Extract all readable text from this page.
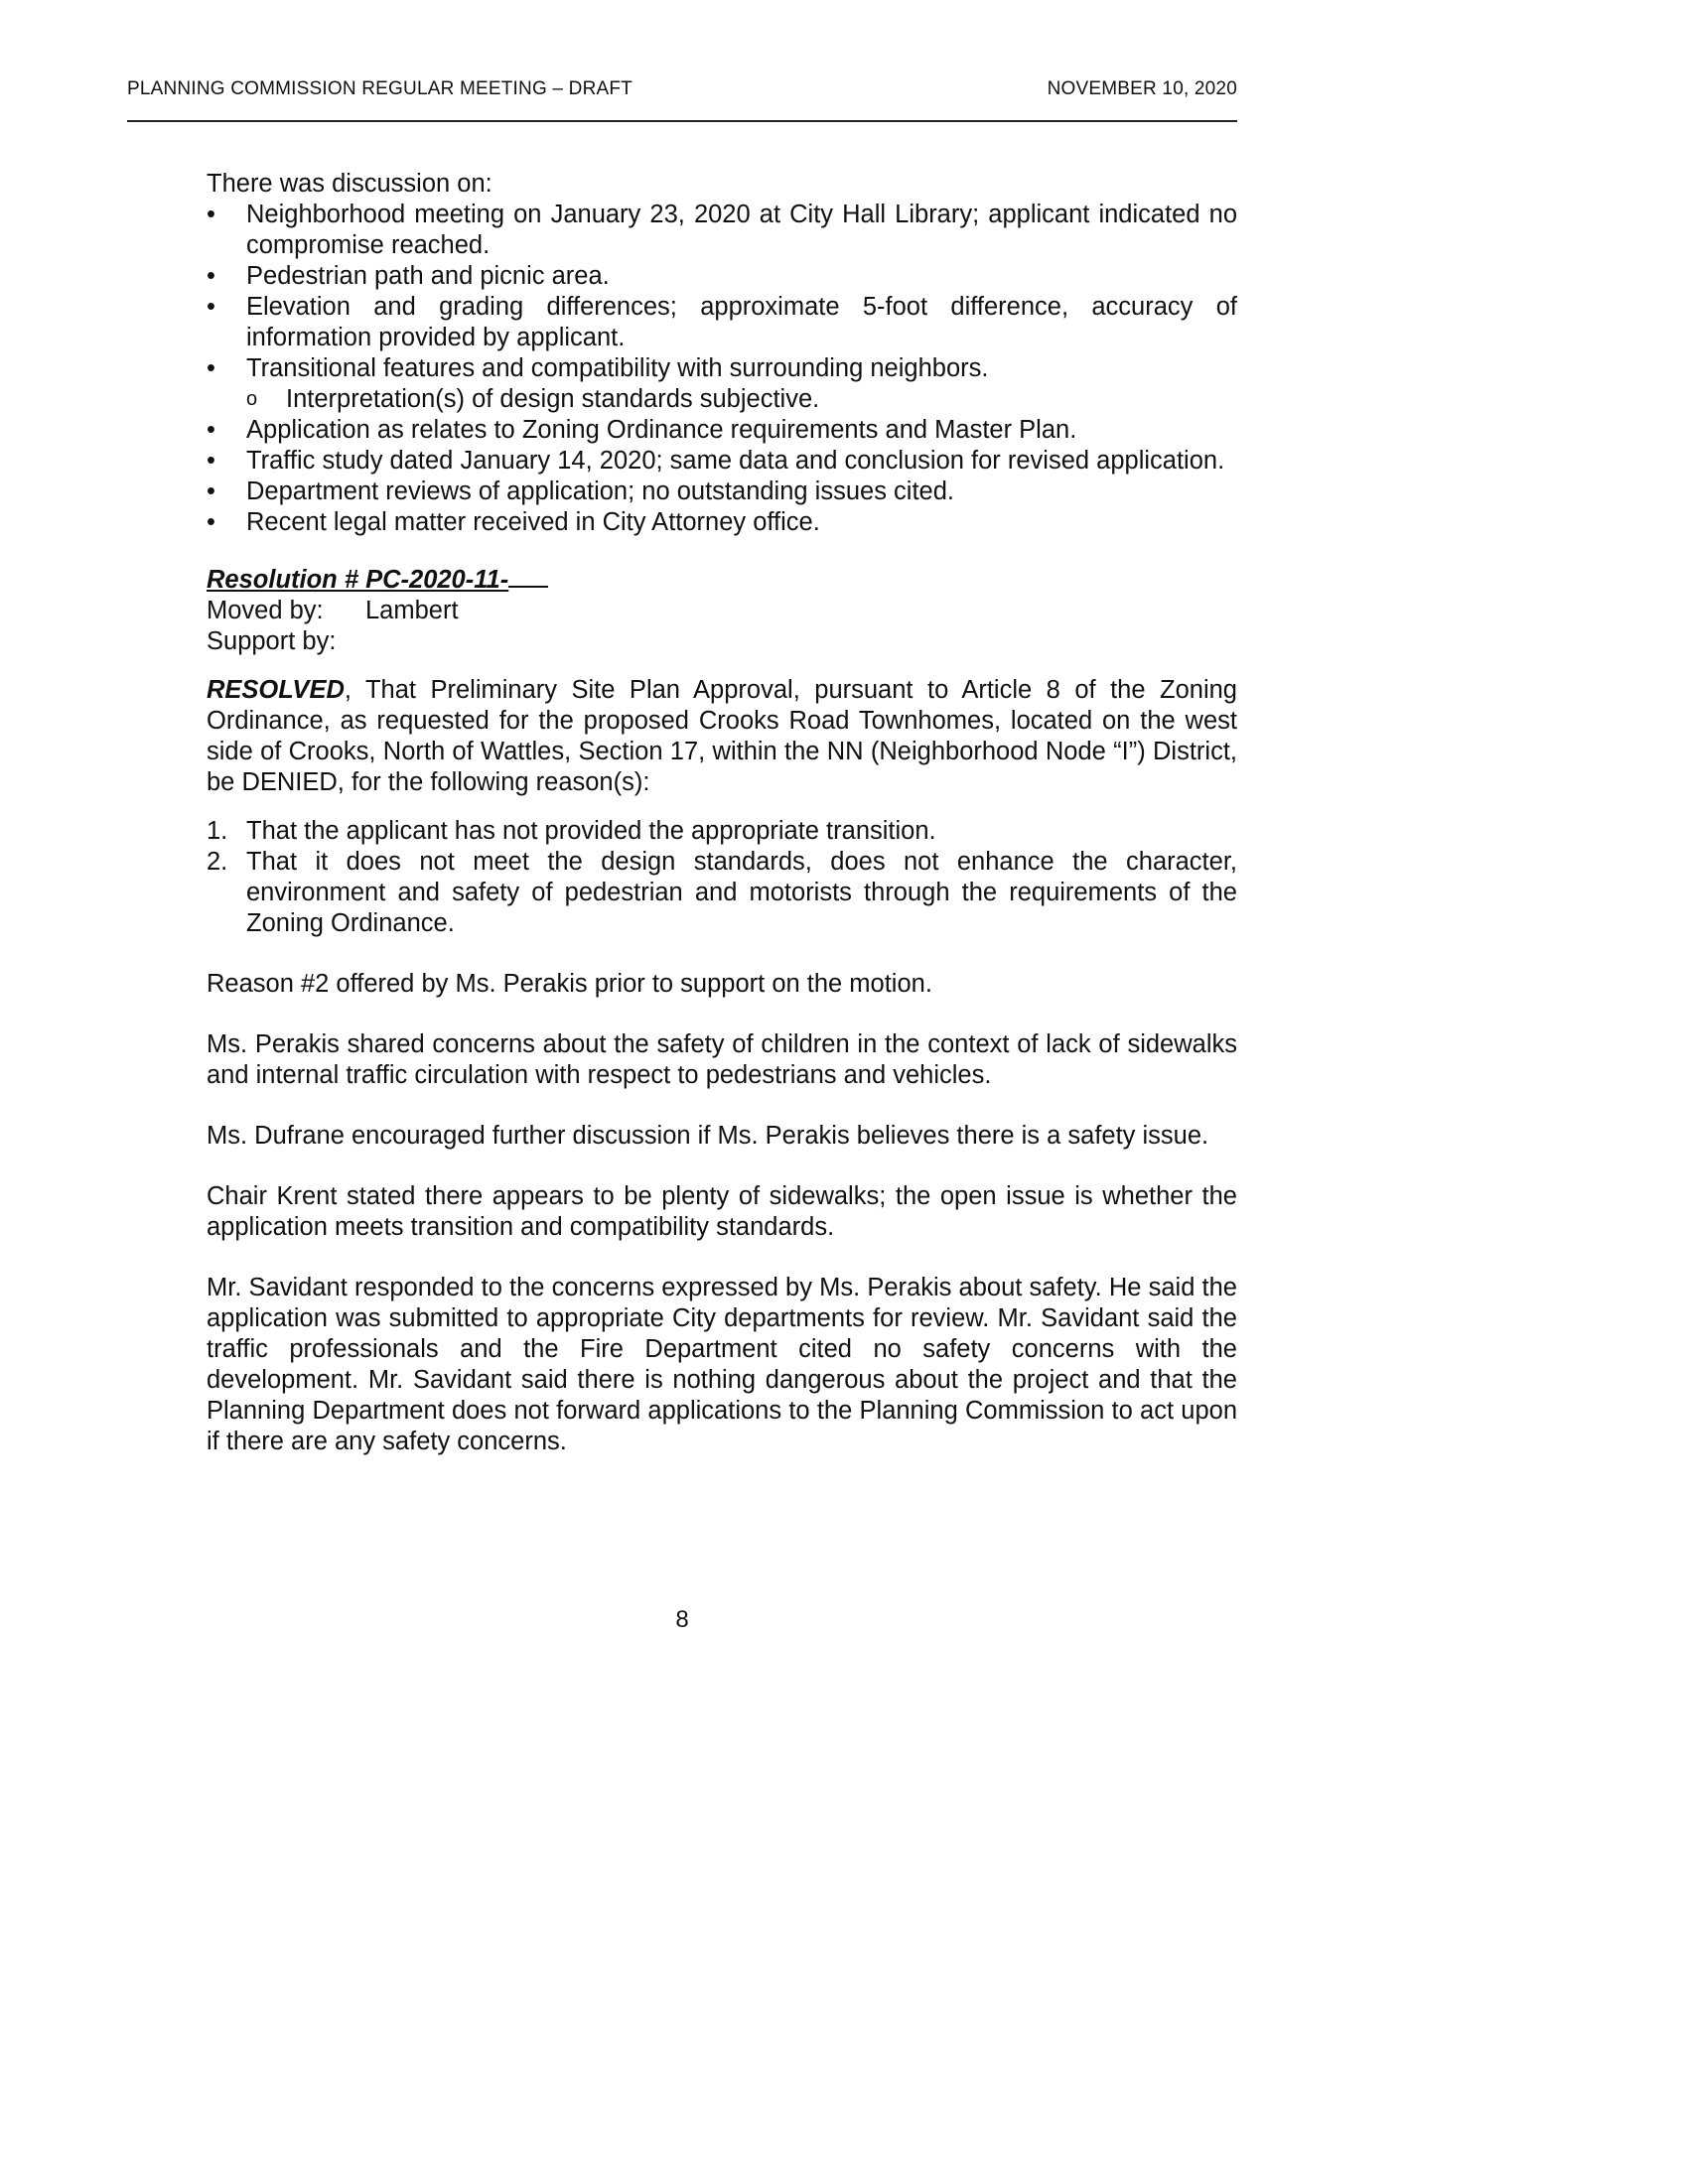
PLANNING COMMISSION REGULAR MEETING – DRAFT	NOVEMBER 10, 2020

There was discussion on:

•	Neighborhood meeting on January 23, 2020 at City Hall Library; applicant indicated no compromise reached.
•	Pedestrian path and picnic area.
•	Elevation and grading differences; approximate 5-foot difference, accuracy of information provided by applicant.
•	Transitional features and compatibility with surrounding neighbors.
o	Interpretation(s) of design standards subjective.
•	Application as relates to Zoning Ordinance requirements and Master Plan.
•	Traffic study dated January 14, 2020; same data and conclusion for revised application.
•	Department reviews of application; no outstanding issues cited.
•	Recent legal matter received in City Attorney office.
Resolution # PC-2020-11-
Moved by:	Lambert
Support by:

RESOLVED, That Preliminary Site Plan Approval, pursuant to Article 8 of the Zoning Ordinance, as requested for the proposed Crooks Road Townhomes, located on the west side of Crooks, North of Wattles, Section 17, within the NN (Neighborhood Node “I”) District, be DENIED, for the following reason(s):

1. That the applicant has not provided the appropriate transition.
2. That it does not meet the design standards, does not enhance the character, environment and safety of pedestrian and motorists through the requirements of the Zoning Ordinance.

Reason #2 offered by Ms. Perakis prior to support on the motion.

Ms. Perakis shared concerns about the safety of children in the context of lack of sidewalks and internal traffic circulation with respect to pedestrians and vehicles.

Ms. Dufrane encouraged further discussion if Ms. Perakis believes there is a safety issue.

Chair Krent stated there appears to be plenty of sidewalks; the open issue is whether the application meets transition and compatibility standards.

Mr. Savidant responded to the concerns expressed by Ms. Perakis about safety. He said the application was submitted to appropriate City departments for review. Mr. Savidant said the traffic professionals and the Fire Department cited no safety concerns with the development. Mr. Savidant said there is nothing dangerous about the project and that the Planning Department does not forward applications to the Planning Commission to act upon if there are any safety concerns.

8
